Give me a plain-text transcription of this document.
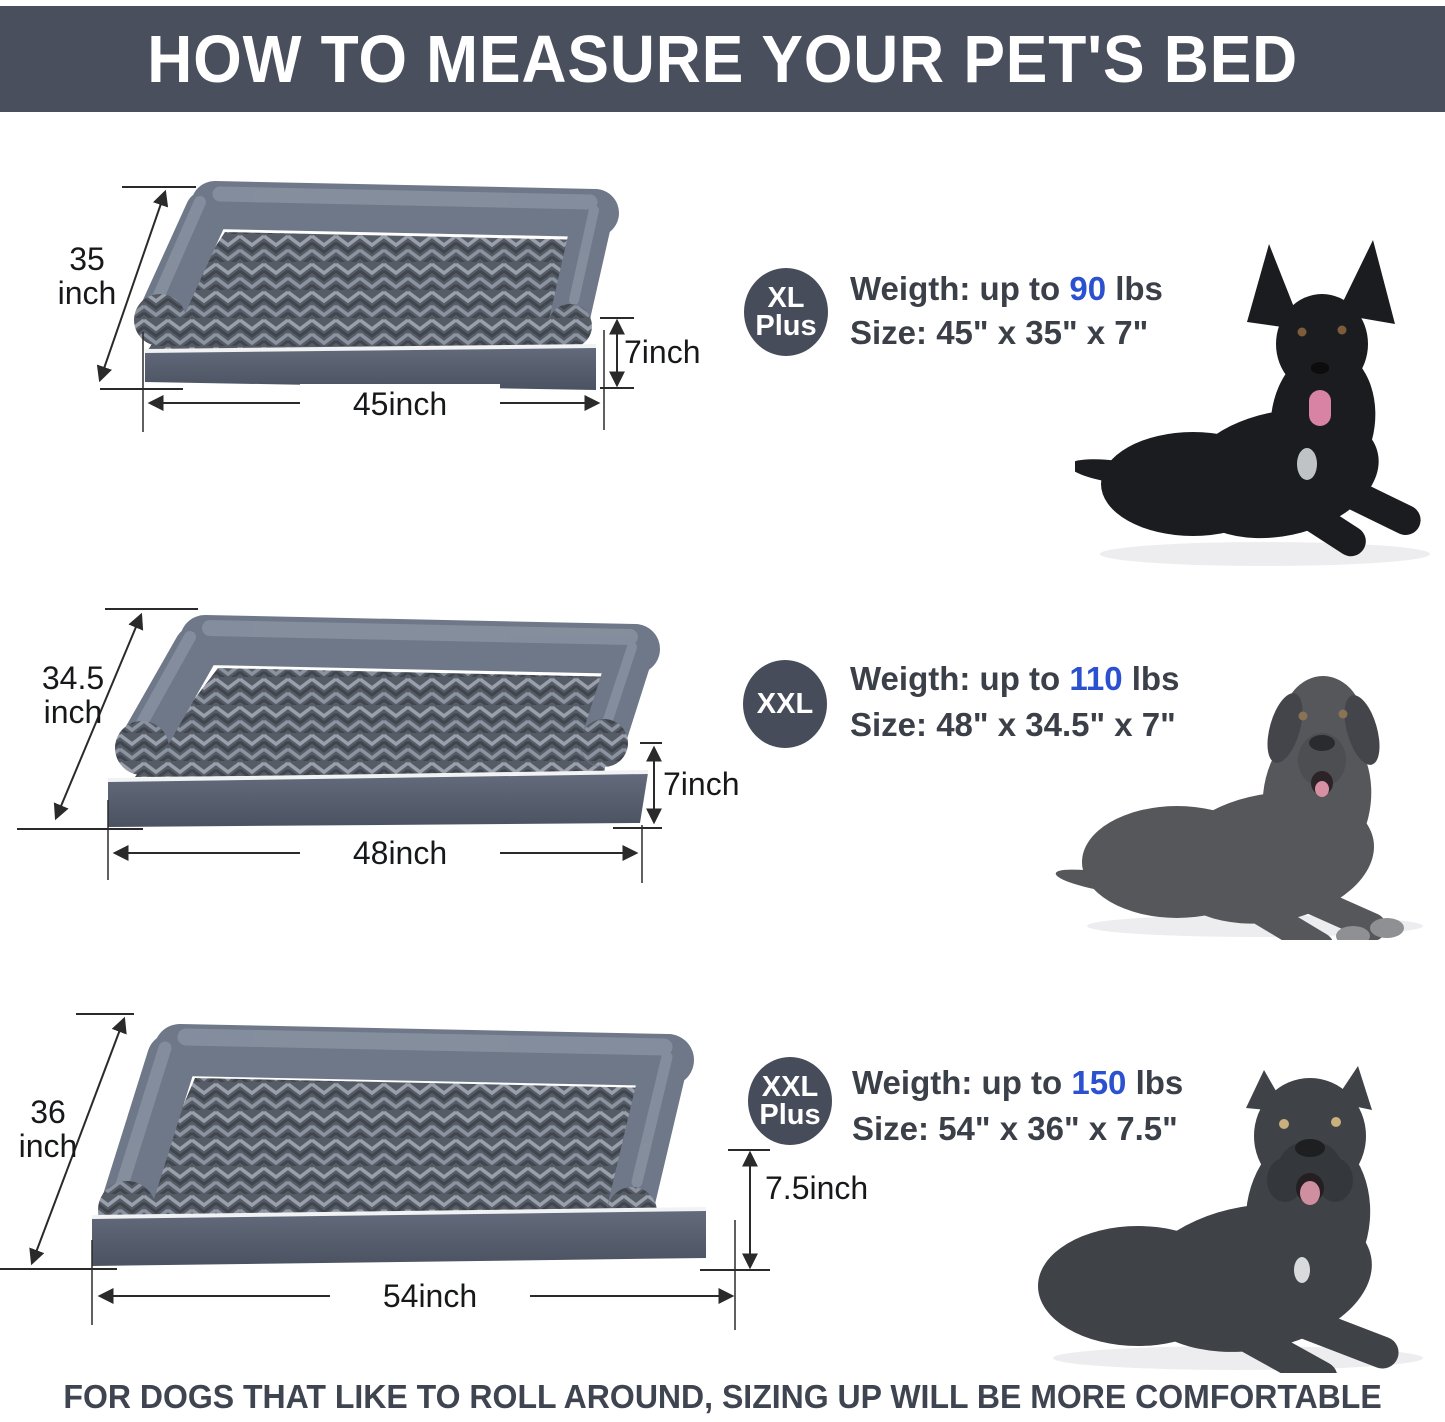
HOW TO MEASURE YOUR PET'S BED
35
inch
7inch
45inch
XL
Plus
Weigth: up to 90 lbs
Size: 45" x 35" x 7"
34.5
inch
7inch
48inch
XXL
Weigth: up to 110 lbs
Size: 48" x 34.5" x 7"
36
inch
7.5inch
54inch
XXL
Plus
Weigth: up to 150 lbs
Size: 54" x 36" x 7.5"
FOR DOGS THAT LIKE TO ROLL AROUND, SIZING UP WILL BE MORE COMFORTABLE
